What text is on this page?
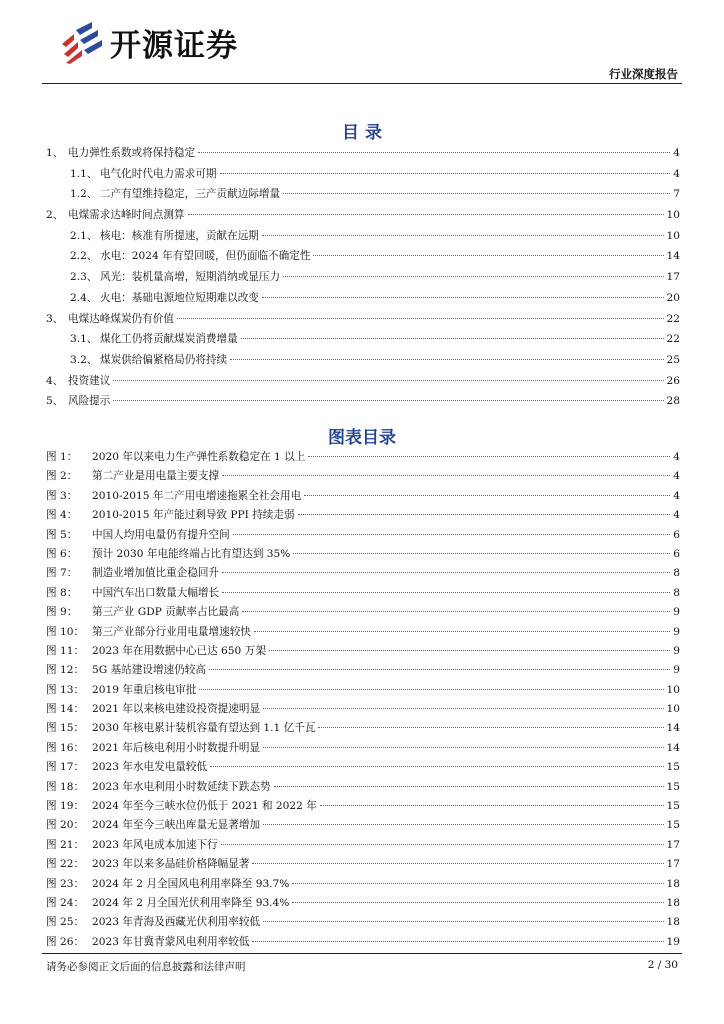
开源证券
行业深度报告
目 录
1、 电力弹性系数或将保持稳定	4
1.1、 电气化时代电力需求可期	4
1.2、 二产有望维持稳定，三产贡献边际增量	7
2、 电煤需求达峰时间点测算	10
2.1、 核电：核准有所提速，贡献在远期	10
2.2、 水电：2024 年有望回暖，但仍面临不确定性	14
2.3、 风光：装机量高增，短期消纳或显压力	17
2.4、 火电：基础电源地位短期难以改变	20
3、 电煤达峰煤炭仍有价值	22
3.1、 煤化工仍将贡献煤炭消费增量	22
3.2、 煤炭供给偏紧格局仍将持续	25
4、 投资建议	26
5、 风险提示	28
图表目录
图 1：	2020 年以来电力生产弹性系数稳定在 1 以上	4
图 2：	第二产业是用电量主要支撑	4
图 3：	2010-2015 年二产用电增速拖累全社会用电	4
图 4：	2010-2015 年产能过剩导致 PPI 持续走弱	4
图 5：	中国人均用电量仍有提升空间	6
图 6：	预计 2030 年电能终端占比有望达到 35%	6
图 7：	制造业增加值比重企稳回升	8
图 8：	中国汽车出口数量大幅增长	8
图 9：	第三产业 GDP 贡献率占比最高	9
图 10： 第三产业部分行业用电量增速较快	9
图 11： 2023 年在用数据中心已达 650 万架	9
图 12： 5G 基站建设增速仍较高	9
图 13： 2019 年重启核电审批	10
图 14： 2021 年以来核电建设投资提速明显	10
图 15： 2030 年核电累计装机容量有望达到 1.1 亿千瓦	14
图 16： 2021 年后核电利用小时数提升明显	14
图 17： 2023 年水电发电量较低	15
图 18： 2023 年水电利用小时数延续下跌态势	15
图 19： 2024 年至今三峡水位仍低于 2021 和 2022 年	15
图 20： 2024 年至今三峡出库量无显著增加	15
图 21： 2023 年风电成本加速下行	17
图 22： 2023 年以来多晶硅价格降幅显著	17
图 23： 2024 年 2 月全国风电利用率降至 93.7%	18
图 24： 2024 年 2 月全国光伏利用率降至 93.4%	18
图 25： 2023 年青海及西藏光伏利用率较低	18
图 26： 2023 年甘冀青蒙风电利用率较低	19
请务必参阅正文后面的信息披露和法律声明	2 / 30
